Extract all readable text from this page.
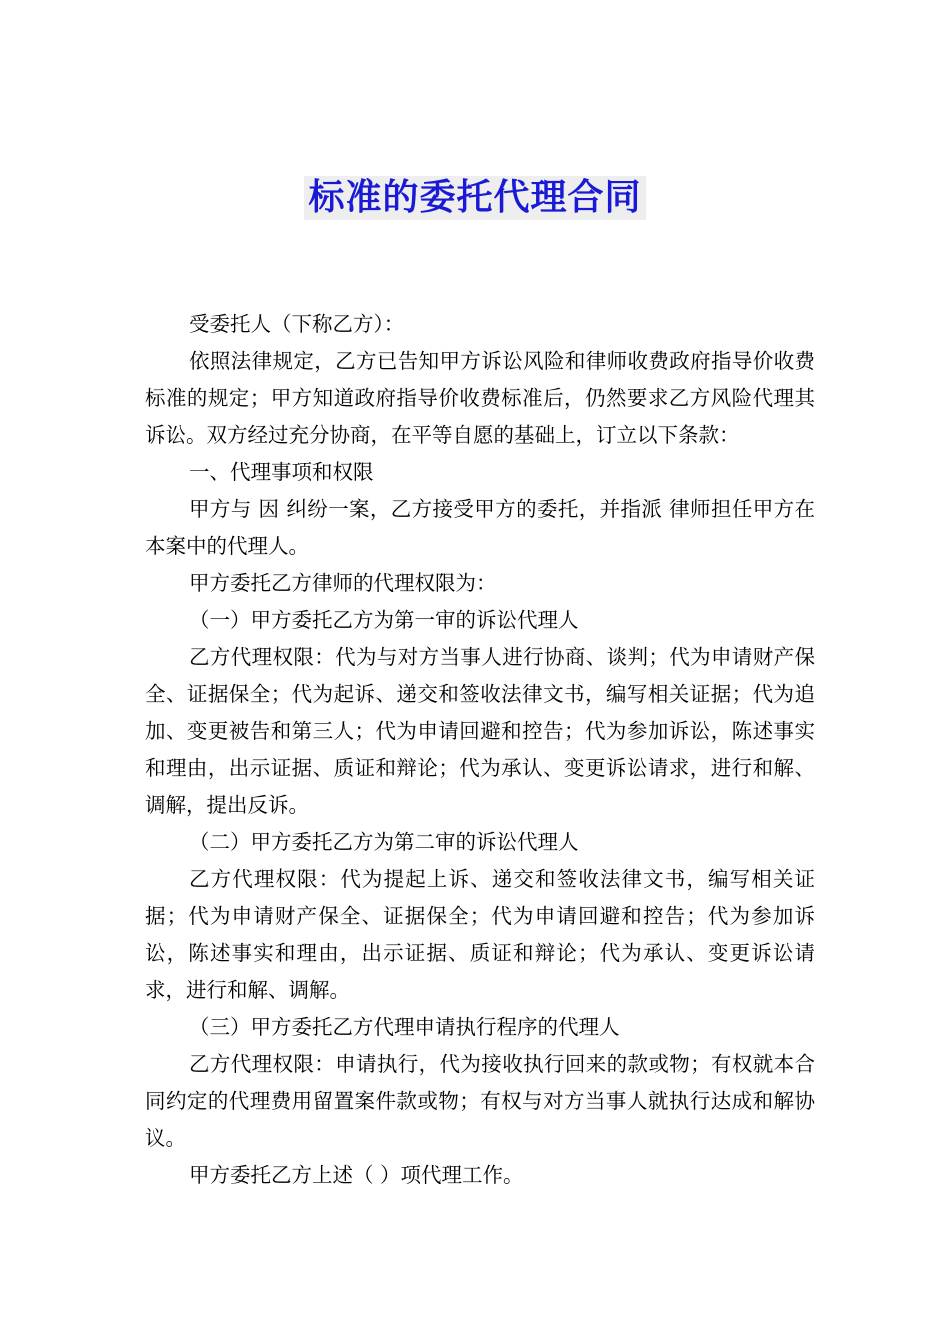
标准的委托代理合同

受委托人（下称乙方）：

依照法律规定，乙方已告知甲方诉讼风险和律师收费政府指导价收费标准的规定；甲方知道政府指导价收费标准后，仍然要求乙方风险代理其诉讼。双方经过充分协商，在平等自愿的基础上，订立以下条款：

一、代理事项和权限

甲方与 因 纠纷一案，乙方接受甲方的委托，并指派 律师担任甲方在本案中的代理人。

甲方委托乙方律师的代理权限为：

（一）甲方委托乙方为第一审的诉讼代理人

乙方代理权限：代为与对方当事人进行协商、谈判；代为申请财产保全、证据保全；代为起诉、递交和签收法律文书，编写相关证据；代为追加、变更被告和第三人；代为申请回避和控告；代为参加诉讼，陈述事实和理由，出示证据、质证和辩论；代为承认、变更诉讼请求，进行和解、调解，提出反诉。

（二）甲方委托乙方为第二审的诉讼代理人

乙方代理权限：代为提起上诉、递交和签收法律文书，编写相关证据；代为申请财产保全、证据保全；代为申请回避和控告；代为参加诉讼，陈述事实和理由，出示证据、质证和辩论；代为承认、变更诉讼请求，进行和解、调解。

（三）甲方委托乙方代理申请执行程序的代理人

乙方代理权限：申请执行，代为接收执行回来的款或物；有权就本合同约定的代理费用留置案件款或物；有权与对方当事人就执行达成和解协议。

甲方委托乙方上述（ ）项代理工作。
